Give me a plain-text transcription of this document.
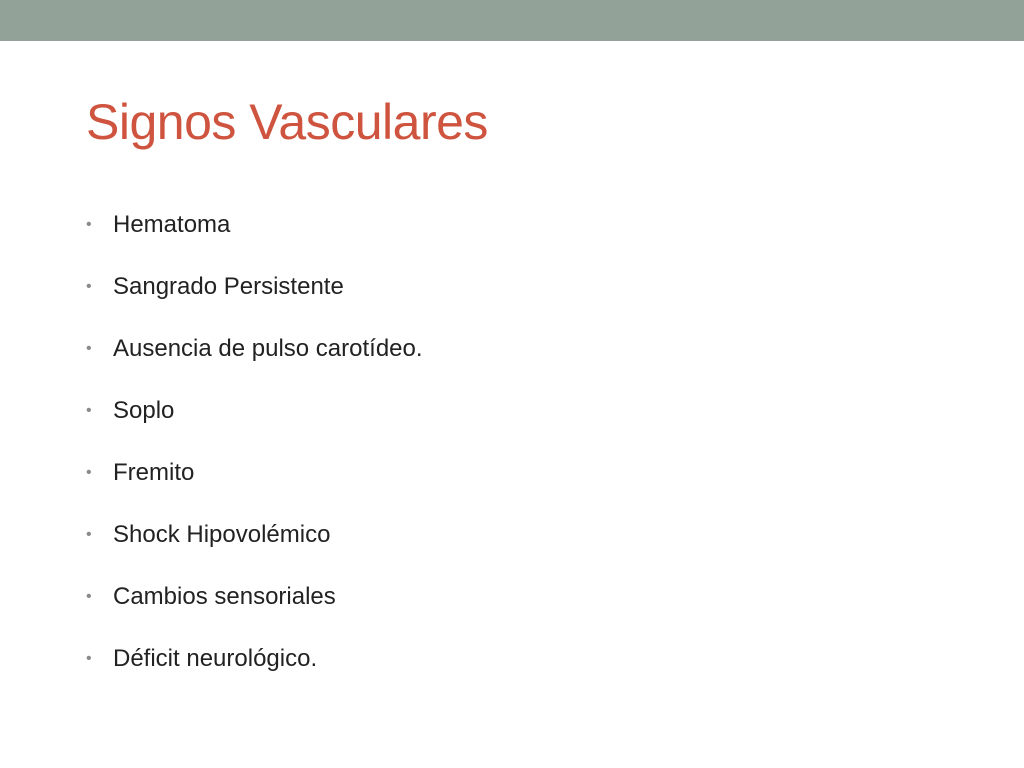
Signos Vasculares
• Hematoma
• Sangrado Persistente
• Ausencia de pulso carotídeo.
• Soplo
• Fremito
• Shock Hipovolémico
• Cambios sensoriales
• Déficit neurológico.
